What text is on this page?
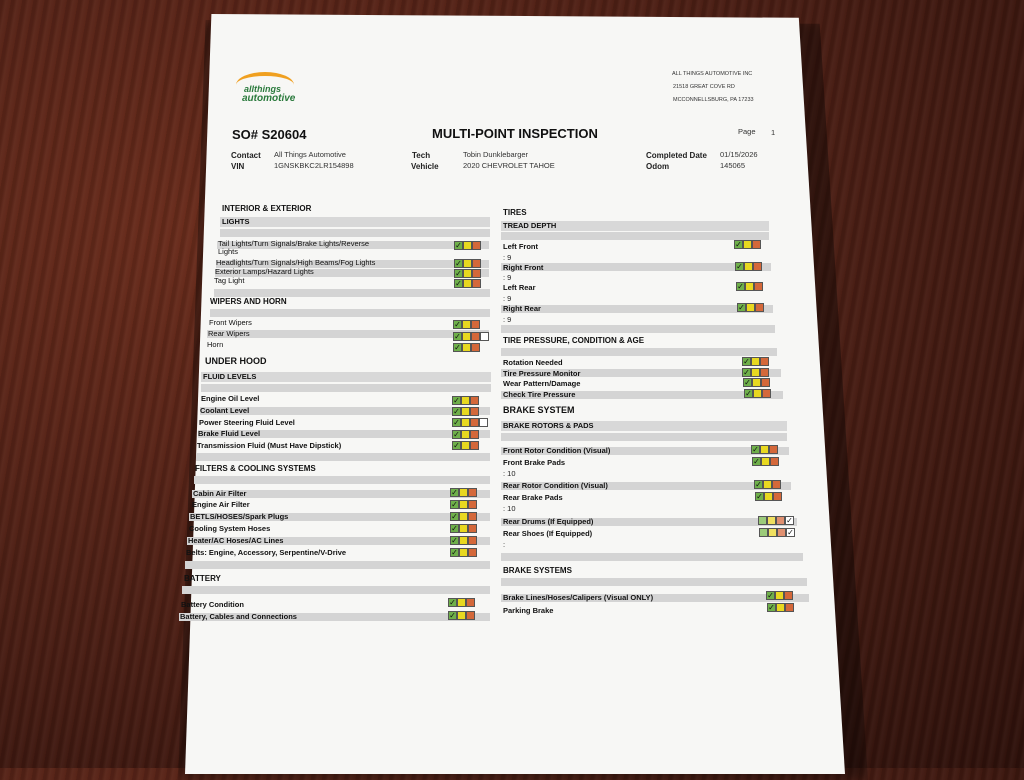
allthings
automotive
ALL THINGS AUTOMOTIVE INC
21518 GREAT COVE RD
MCCONNELLSBURG, PA 17233
SO# S20604	MULTI-POINT INSPECTION	Page 1
Contact All Things Automotive
VIN	1GNSKBKC2LR154898
Tech	Tobin Dunklebarger
Vehicle	2020 CHEVROLET TAHOE
Completed Date 01/15/2026
Odom	145065
INTERIOR & EXTERIOR
LIGHTS
Tail Lights/Turn Signals/Brake Lights/Reverse
Lights
✓
Headlights/Turn Signals/High Beams/Fog Lights	✓
Exterior Lamps/Hazard Lights	✓
Tag Light	✓
WIPERS AND HORN
Front Wipers	✓
Rear Wipers	✓
Horn	✓
UNDER HOOD
FLUID LEVELS
Engine Oil Level	✓
Coolant Level	✓
Power Steering Fluid Level	✓
Brake Fluid Level	✓
Transmission Fluid (Must Have Dipstick)	✓
FILTERS & COOLING SYSTEMS
Cabin Air Filter	✓
Engine Air Filter	✓
BETLS/HOSES/Spark Plugs	✓
Cooling System Hoses	✓
Heater/AC Hoses/AC Lines	✓
Belts: Engine, Accessory, Serpentine/V-Drive	✓
BATTERY
Battery Condition	✓
Battery, Cables and Connections	✓
TIRES
TREAD DEPTH
Left Front	✓
: 9
Right Front	✓
: 9
Left Rear	✓
: 9
Right Rear	✓
: 9
TIRE PRESSURE, CONDITION & AGE
Rotation Needed	✓
Tire Pressure Monitor	✓
Wear Pattern/Damage	✓
Check Tire Pressure	✓
BRAKE SYSTEM
BRAKE ROTORS & PADS
Front Rotor Condition (Visual)	✓
Front Brake Pads	✓
: 10
Rear Rotor Condition (Visual)	✓
Rear Brake Pads	✓
: 10
Rear Drums (If Equipped)	✓
Rear Shoes (If Equipped)	✓
:
BRAKE SYSTEMS
Brake Lines/Hoses/Calipers (Visual ONLY)	✓
Parking Brake	✓
